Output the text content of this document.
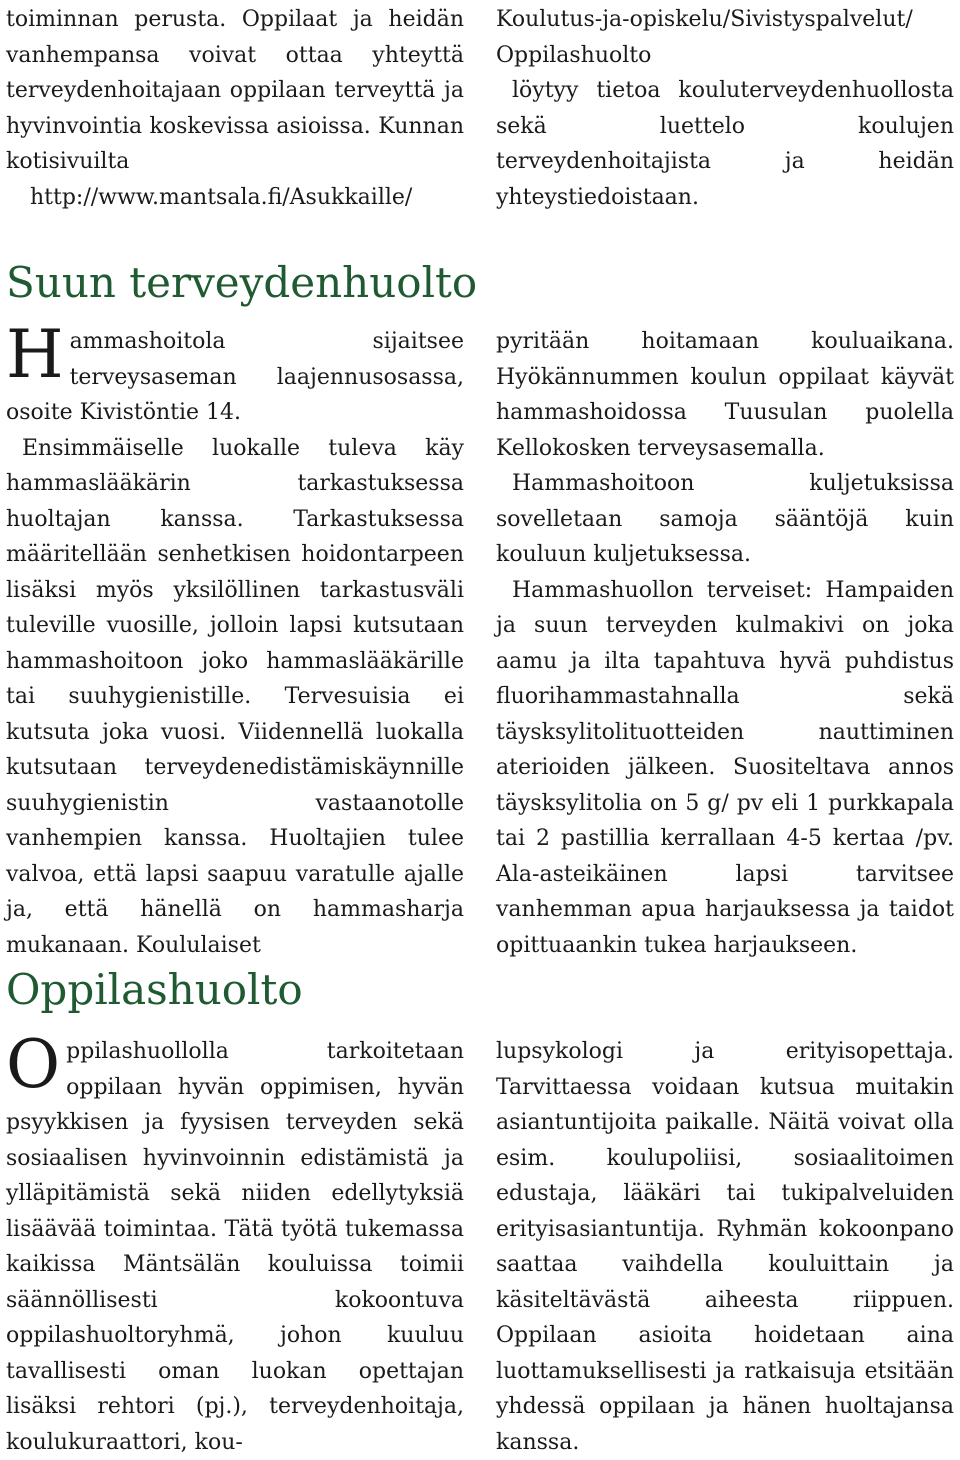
toiminnan perusta. Oppilaat ja heidän vanhempansa voivat ottaa yhteyttä terveydenhoitajaan oppilaan terveyttä ja hyvinvointia koskevissa asioissa. Kunnan kotisivuilta
http://www.mantsala.fi/Asukkaille/

Koulutus-ja-opiskelu/Sivistyspalvelut/ Oppilashuolto

löytyy tietoa kouluterveydenhuollosta sekä luettelo koulujen terveydenhoitajista ja heidän yhteystiedoistaan.

Suun terveydenhuolto

Hammashoitola sijaitsee terveysaseman laajennusosassa, osoite Kivistöntie 14.

Ensimmäiselle luokalle tuleva käy hammaslääkärin tarkastuksessa huoltajan kanssa. Tarkastuksessa määritellään senhetkisen hoidontarpeen lisäksi myös yksilöllinen tarkastusväli tuleville vuosille, jolloin lapsi kutsutaan hammashoitoon joko hammaslääkärille tai suuhygienistille. Tervesuisia ei kutsuta joka vuosi. Viidennellä luokalla kutsutaan terveydenedistämiskäynnille suuhygienistin vastaanotolle vanhempien kanssa. Huoltajien tulee valvoa, että lapsi saapuu varatulle ajalle ja, että hänellä on hammasharja mukanaan. Koululaiset

pyritään hoitamaan kouluaikana. Hyökännummen koulun oppilaat käyvät hammashoidossa Tuusulan puolella Kellokosken terveysasemalla.

Hammashoitoon kuljetuksissa sovelletaan samoja sääntöjä kuin kouluun kuljetuksessa.

Hammashuollon terveiset: Hampaiden ja suun terveyden kulmakivi on joka aamu ja ilta tapahtuva hyvä puhdistus fluorihammastahnalla sekä täysksylitolituotteiden nauttiminen aterioiden jälkeen. Suositeltava annos täysksylitolia on 5 g/ pv eli 1 purkkapala tai 2 pastillia kerrallaan 4-5 kertaa /pv. Ala-asteikäinen lapsi tarvitsee vanhemman apua harjauksessa ja taidot opittuaankin tukea harjaukseen.

Oppilashuolto

Oppilashuollolla tarkoitetaan oppilaan hyvän oppimisen, hyvän psyykkisen ja fyysisen terveyden sekä sosiaalisen hyvinvoinnin edistämistä ja ylläpitämistä sekä niiden edellytyksiä lisäävää toimintaa. Tätä työtä tukemassa kaikissa Mäntsälän kouluissa toimii säännöllisesti kokoontuva oppilashuoltoryhmä, johon kuuluu tavallisesti oman luokan opettajan lisäksi rehtori (pj.), terveydenhoitaja, koulukuraattori, kou-

lupsykologi ja erityisopettaja. Tarvittaessa voidaan kutsua muitakin asiantuntijoita paikalle. Näitä voivat olla esim. koulupoliisi, sosiaalitoimen edustaja, lääkäri tai tukipalveluiden erityisasiantuntija. Ryhmän kokoonpano saattaa vaihdella kouluittain ja käsiteltävästä aiheesta riippuen. Oppilaan asioita hoidetaan aina luottamuksellisesti ja ratkaisuja etsitään yhdessä oppilaan ja hänen huoltajansa kanssa.
